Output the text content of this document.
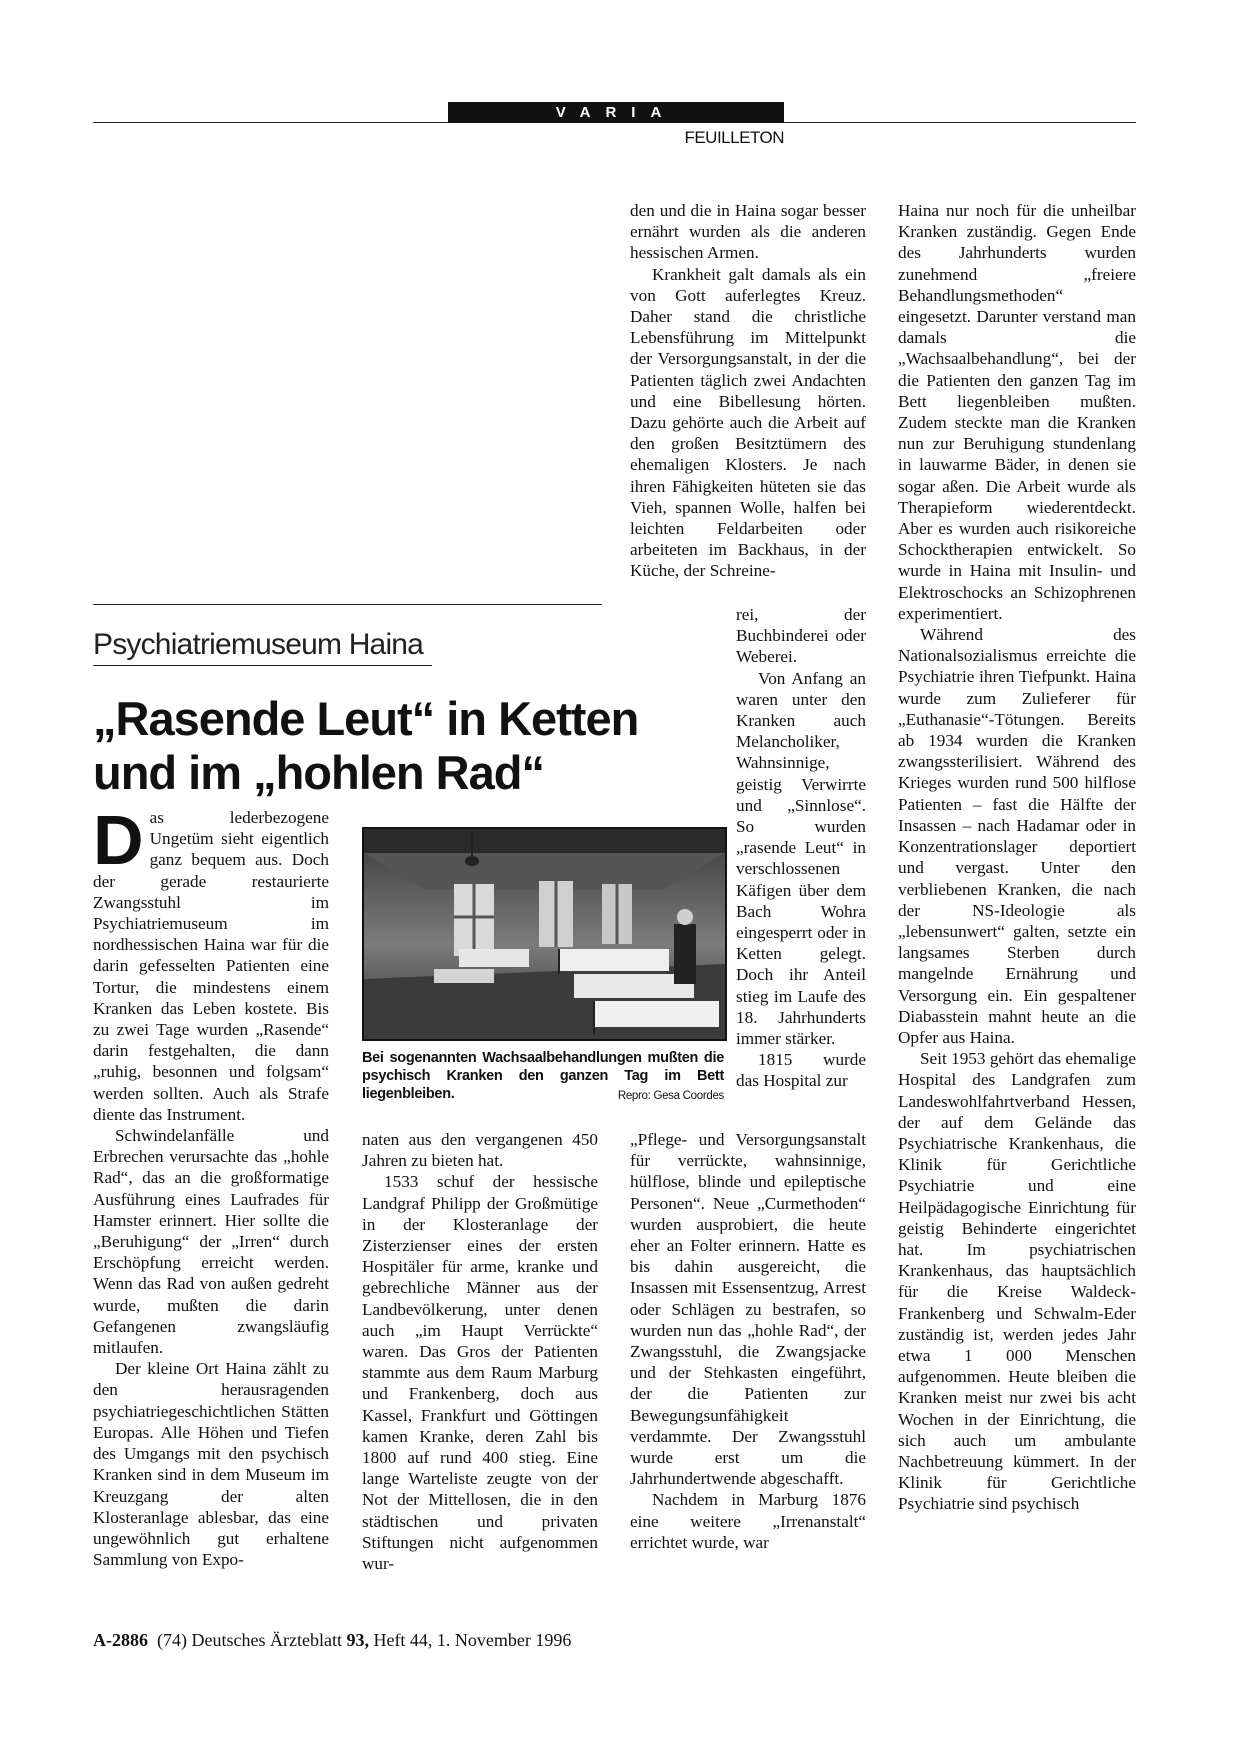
VARIA
FEUILLETON
Psychiatriemuseum Haina
„Rasende Leut“ in Ketten und im „hohlen Rad“

Das lederbezogene Ungetüm sieht eigentlich ganz bequem aus. Doch der gerade restaurierte Zwangsstuhl im Psychiatriemuseum im nordhessischen Haina war für die darin gefesselten Patienten eine Tortur, die mindestens einem Kranken das Leben kostete. Bis zu zwei Tage wurden „Rasende“ darin festgehalten, die dann „ruhig, besonnen und folgsam“ werden sollten. Auch als Strafe diente das Instrument.

Schwindelanfälle und Erbrechen verursachte das „hohle Rad“, das an die großformatige Ausführung eines Laufrades für Hamster erinnert. Hier sollte die „Beruhigung“ der „Irren“ durch Erschöpfung erreicht werden. Wenn das Rad von außen gedreht wurde, mußten die darin Gefangenen zwangsläufig mitlaufen.

Der kleine Ort Haina zählt zu den herausragenden psychiatriegeschichtlichen Stätten Europas. Alle Höhen und Tiefen des Umgangs mit den psychisch Kranken sind in dem Museum im Kreuzgang der alten Klosteranlage ablesbar, das eine ungewöhnlich gut erhaltene Sammlung von Expo-

Bei sogenannten Wachsaalbehandlungen mußten die psychisch Kranken den ganzen Tag im Bett liegenbleiben.	Repro: Gesa Coordes

naten aus den vergangenen 450 Jahren zu bieten hat.

1533 schuf der hessische Landgraf Philipp der Großmütige in der Klosteranlage der Zisterzienser eines der ersten Hospitäler für arme, kranke und gebrechliche Männer aus der Landbevölkerung, unter denen auch „im Haupt Verrückte“ waren. Das Gros der Patienten stammte aus dem Raum Marburg und Frankenberg, doch aus Kassel, Frankfurt und Göttingen kamen Kranke, deren Zahl bis 1800 auf rund 400 stieg. Eine lange Warteliste zeugte von der Not der Mittellosen, die in den städtischen und privaten Stiftungen nicht aufgenommen wur-

den und die in Haina sogar besser ernährt wurden als die anderen hessischen Armen.

Krankheit galt damals als ein von Gott auferlegtes Kreuz. Daher stand die christliche Lebensführung im Mittelpunkt der Versorgungsanstalt, in der die Patienten täglich zwei Andachten und eine Bibellesung hörten. Dazu gehörte auch die Arbeit auf den großen Besitztümern des ehemaligen Klosters. Je nach ihren Fähigkeiten hüteten sie das Vieh, spannen Wolle, halfen bei leichten Feldarbeiten oder arbeiteten im Backhaus, in der Küche, der Schreine-

rei, der Buchbinderei oder Weberei.

Von Anfang an waren unter den Kranken auch Melancholiker, Wahnsinnige, geistig Verwirrte und „Sinnlose“. So wurden „rasende Leut“ in verschlossenen Käfigen über dem Bach Wohra eingesperrt oder in Ketten gelegt. Doch ihr Anteil stieg im Laufe des 18. Jahrhunderts immer stärker.

1815 wurde das Hospital zur

„Pflege- und Versorgungsanstalt für verrückte, wahnsinnige, hülflose, blinde und epileptische Personen“. Neue „Curmethoden“ wurden ausprobiert, die heute eher an Folter erinnern. Hatte es bis dahin ausgereicht, die Insassen mit Essensentzug, Arrest oder Schlägen zu bestrafen, so wurden nun das „hohle Rad“, der Zwangsstuhl, die Zwangsjacke und der Stehkasten eingeführt, der die Patienten zur Bewegungsunfähigkeit verdammte. Der Zwangsstuhl wurde erst um die Jahrhundertwende abgeschafft.

Nachdem in Marburg 1876 eine weitere „Irrenanstalt“ errichtet wurde, war

Haina nur noch für die unheilbar Kranken zuständig. Gegen Ende des Jahrhunderts wurden zunehmend „freiere Behandlungsmethoden“ eingesetzt. Darunter verstand man damals die „Wachsaalbehandlung“, bei der die Patienten den ganzen Tag im Bett liegenbleiben mußten. Zudem steckte man die Kranken nun zur Beruhigung stundenlang in lauwarme Bäder, in denen sie sogar aßen. Die Arbeit wurde als Therapieform wiederentdeckt. Aber es wurden auch risikoreiche Schocktherapien entwickelt. So wurde in Haina mit Insulin- und Elektroschocks an Schizophrenen experimentiert.

Während des Nationalsozialismus erreichte die Psychiatrie ihren Tiefpunkt. Haina wurde zum Zulieferer für „Euthanasie“-Tötungen. Bereits ab 1934 wurden die Kranken zwangssterilisiert. Während des Krieges wurden rund 500 hilflose Patienten – fast die Hälfte der Insassen – nach Hadamar oder in Konzentrationslager deportiert und vergast. Unter den verbliebenen Kranken, die nach der NS-Ideologie als „lebensunwert“ galten, setzte ein langsames Sterben durch mangelnde Ernährung und Versorgung ein. Ein gespaltener Diabasstein mahnt heute an die Opfer aus Haina.

Seit 1953 gehört das ehemalige Hospital des Landgrafen zum Landeswohlfahrtverband Hessen, der auf dem Gelände das Psychiatrische Krankenhaus, die Klinik für Gerichtliche Psychiatrie und eine Heilpädagogische Einrichtung für geistig Behinderte eingerichtet hat. Im psychiatrischen Krankenhaus, das hauptsächlich für die Kreise Waldeck-Frankenberg und Schwalm-Eder zuständig ist, werden jedes Jahr etwa 1 000 Menschen aufgenommen. Heute bleiben die Kranken meist nur zwei bis acht Wochen in der Einrichtung, die sich auch um ambulante Nachbetreuung kümmert. In der Klinik für Gerichtliche Psychiatrie sind psychisch

A-2886 (74) Deutsches Ärzteblatt 93, Heft 44, 1. November 1996
